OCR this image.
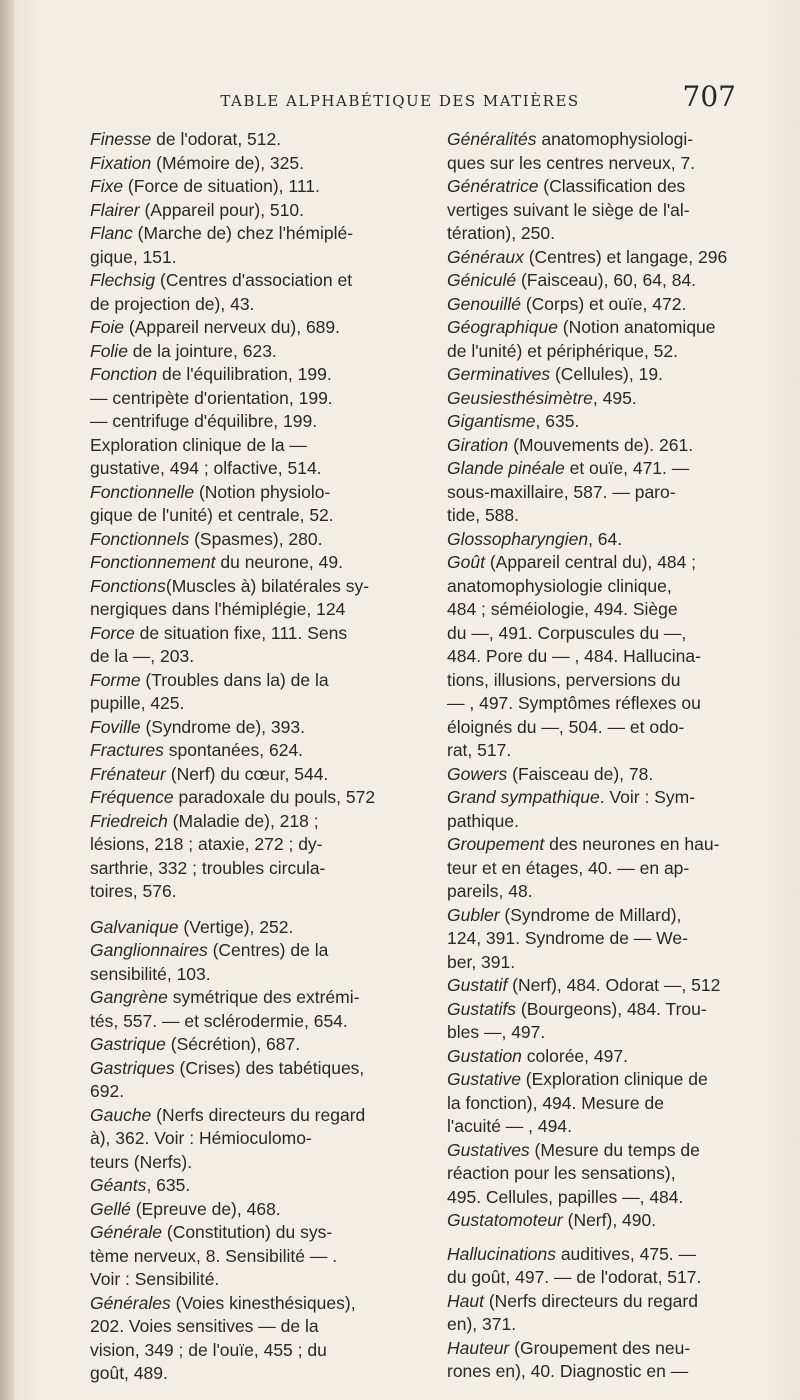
TABLE ALPHABÉTIQUE DES MATIÈRES	707
Finesse de l'odorat, 512.
Fixation (Mémoire de), 325.
Fixe (Force de situation), 111.
Flairer (Appareil pour), 510.
Flanc (Marche de) chez l'hémiplé-
gique, 151.
Flechsig (Centres d'association et
de projection de), 43.
Foie (Appareil nerveux du), 689.
Folie de la jointure, 623.
Fonction de l'équilibration, 199.
— centripète d'orientation, 199.
— centrifuge d'équilibre, 199.
Exploration clinique de la —
gustative, 494 ; olfactive, 514.
Fonctionnelle (Notion physiolo-
gique de l'unité) et centrale, 52.
Fonctionnels (Spasmes), 280.
Fonctionnement du neurone, 49.
Fonctions(Muscles à) bilatérales sy-
nergiques dans l'hémiplégie, 124
Force de situation fixe, 111. Sens
de la —, 203.
Forme (Troubles dans la) de la
pupille, 425.
Foville (Syndrome de), 393.
Fractures spontanées, 624.
Frénateur (Nerf) du cœur, 544.
Fréquence paradoxale du pouls, 572
Friedreich (Maladie de), 218 ;
lésions, 218 ; ataxie, 272 ; dy-
sarthrie, 332 ; troubles circula-
toires, 576.
Galvanique (Vertige), 252.
Ganglionnaires (Centres) de la
sensibilité, 103.
Gangrène symétrique des extrémi-
tés, 557. — et sclérodermie, 654.
Gastrique (Sécrétion), 687.
Gastriques (Crises) des tabétiques,
692.
Gauche (Nerfs directeurs du regard
à), 362. Voir : Hémioculomo-
teurs (Nerfs).
Géants, 635.
Gellé (Epreuve de), 468.
Générale (Constitution) du sys-
tème nerveux, 8. Sensibilité — .
Voir : Sensibilité.
Générales (Voies kinesthésiques),
202. Voies sensitives — de la
vision, 349 ; de l'ouïe, 455 ; du
goût, 489.
Généralités anatomophysiologi-
ques sur les centres nerveux, 7.
Génératrice (Classification des
vertiges suivant le siège de l'al-
tération), 250.
Généraux (Centres) et langage, 296
Géniculé (Faisceau), 60, 64, 84.
Genouillé (Corps) et ouïe, 472.
Géographique (Notion anatomique
de l'unité) et périphérique, 52.
Germinatives (Cellules), 19.
Geusiesthésimètre, 495.
Gigantisme, 635.
Giration (Mouvements de). 261.
Glande pinéale et ouïe, 471. —
sous-maxillaire, 587. — paro-
tide, 588.
Glossopharyngien, 64.
Goût (Appareil central du), 484 ;
anatomophysiologie clinique,
484 ; séméiologie, 494. Siège
du —, 491. Corpuscules du —,
484. Pore du — , 484. Hallucina-
tions, illusions, perversions du
— , 497. Symptômes réflexes ou
éloignés du —, 504. — et odo-
rat, 517.
Gowers (Faisceau de), 78.
Grand sympathique. Voir : Sym-
pathique.
Groupement des neurones en hau-
teur et en étages, 40. — en ap-
pareils, 48.
Gubler (Syndrome de Millard),
124, 391. Syndrome de — We-
ber, 391.
Gustatif (Nerf), 484. Odorat —, 512
Gustatifs (Bourgeons), 484. Trou-
bles —, 497.
Gustation colorée, 497.
Gustative (Exploration clinique de
la fonction), 494. Mesure de
l'acuité — , 494.
Gustatives (Mesure du temps de
réaction pour les sensations),
495. Cellules, papilles —, 484.
Gustatomoteur (Nerf), 490.
Hallucinations auditives, 475. —
du goût, 497. — de l'odorat, 517.
Haut (Nerfs directeurs du regard
en), 371.
Hauteur (Groupement des neu-
rones en), 40. Diagnostic en —
